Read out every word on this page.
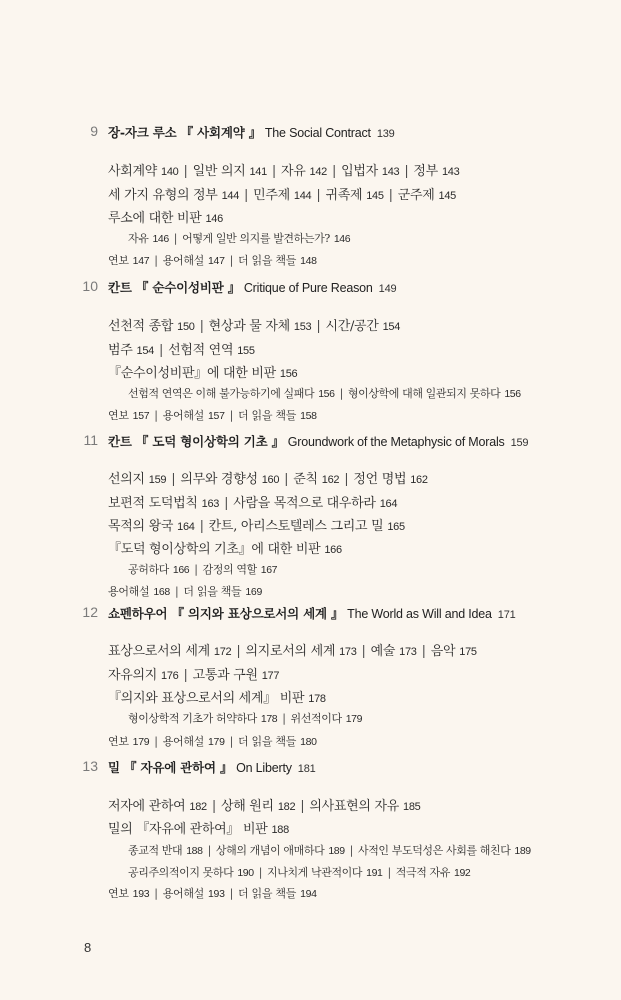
9 장-자크 루소 『 사회계약 』 The Social Contract 139
사회계약 140 | 일반 의지 141 | 자유 142 | 입법자 143 | 정부 143
세 가지 유형의 정부 144 | 민주제 144 | 귀족제 145 | 군주제 145
루소에 대한 비판 146
자유 146 | 어떻게 일반 의지를 발견하는가? 146
연보 147 | 용어해설 147 | 더 읽을 책들 148
10 칸트 『 순수이성비판 』 Critique of Pure Reason 149
선천적 종합 150 | 현상과 물 자체 153 | 시간/공간 154
범주 154 | 선험적 연역 155
『순수이성비판』에 대한 비판 156
선험적 연역은 이해 불가능하기에 실패다 156 | 형이상학에 대해 일관되지 못하다 156
연보 157 | 용어해설 157 | 더 읽을 책들 158
11 칸트 『 도덕 형이상학의 기초 』 Groundwork of the Metaphysic of Morals 159
선의지 159 | 의무와 경향성 160 | 준칙 162 | 정언 명법 162
보편적 도덕법칙 163 | 사람을 목적으로 대우하라 164
목적의 왕국 164 | 칸트, 아리스토텔레스 그리고 밀 165
『도덕 형이상학의 기초』에 대한 비판 166
공허하다 166 | 감정의 역할 167
용어해설 168 | 더 읽을 책들 169
12 쇼펜하우어 『 의지와 표상으로서의 세계 』 The World as Will and Idea 171
표상으로서의 세계 172 | 의지로서의 세계 173 | 예술 173 | 음악 175
자유의지 176 | 고통과 구원 177
『의지와 표상으로서의 세계』 비판 178
형이상학적 기초가 허약하다 178 | 위선적이다 179
연보 179 | 용어해설 179 | 더 읽을 책들 180
13 밀 『 자유에 관하여 』 On Liberty 181
저자에 관하여 182 | 상해 원리 182 | 의사표현의 자유 185
밀의 『자유에 관하여』 비판 188
종교적 반대 188 | 상해의 개념이 애매하다 189 | 사적인 부도덕성은 사회를 해친다 189
공리주의적이지 못하다 190 | 지나치게 낙관적이다 191 | 적극적 자유 192
연보 193 | 용어해설 193 | 더 읽을 책들 194
8
